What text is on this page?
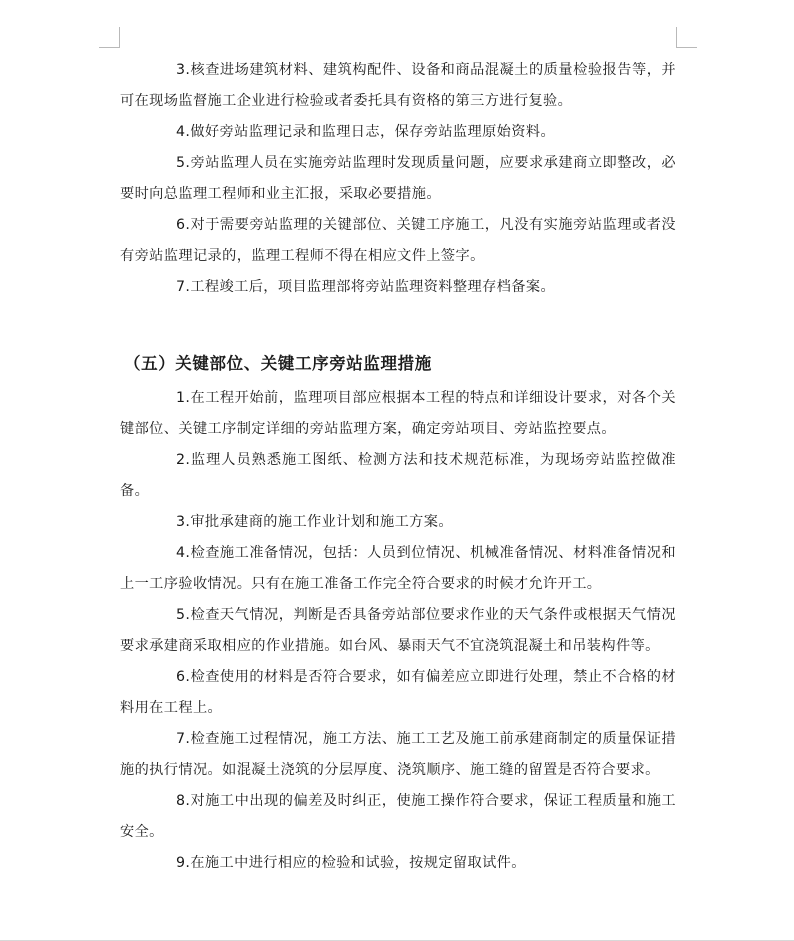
3.核查进场建筑材料、建筑构配件、设备和商品混凝土的质量检验报告等，并可在现场监督施工企业进行检验或者委托具有资格的第三方进行复验。

4.做好旁站监理记录和监理日志，保存旁站监理原始资料。

5.旁站监理人员在实施旁站监理时发现质量问题，应要求承建商立即整改，必要时向总监理工程师和业主汇报，采取必要措施。

6.对于需要旁站监理的关键部位、关键工序施工，凡没有实施旁站监理或者没有旁站监理记录的，监理工程师不得在相应文件上签字。

7.工程竣工后，项目监理部将旁站监理资料整理存档备案。

（五）关键部位、关键工序旁站监理措施

1.在工程开始前，监理项目部应根据本工程的特点和详细设计要求，对各个关键部位、关键工序制定详细的旁站监理方案，确定旁站项目、旁站监控要点。

2.监理人员熟悉施工图纸、检测方法和技术规范标准，为现场旁站监控做准备。

3.审批承建商的施工作业计划和施工方案。

4.检查施工准备情况，包括：人员到位情况、机械准备情况、材料准备情况和上一工序验收情况。只有在施工准备工作完全符合要求的时候才允许开工。

5.检查天气情况，判断是否具备旁站部位要求作业的天气条件或根据天气情况要求承建商采取相应的作业措施。如台风、暴雨天气不宜浇筑混凝土和吊装构件等。

6.检查使用的材料是否符合要求，如有偏差应立即进行处理，禁止不合格的材料用在工程上。

7.检查施工过程情况，施工方法、施工工艺及施工前承建商制定的质量保证措施的执行情况。如混凝土浇筑的分层厚度、浇筑顺序、施工缝的留置是否符合要求。

8.对施工中出现的偏差及时纠正，使施工操作符合要求，保证工程质量和施工安全。

9.在施工中进行相应的检验和试验，按规定留取试件。
